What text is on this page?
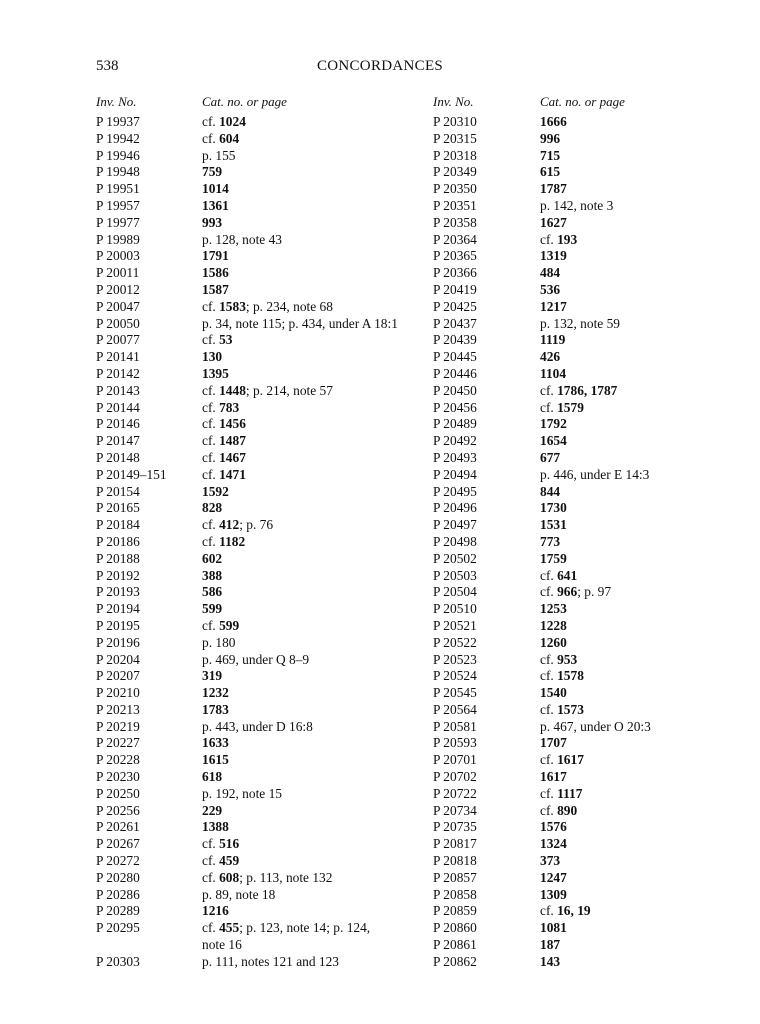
538	CONCORDANCES
Inv. No.	Cat. no. or page
P 19937	cf. 1024
P 19942	cf. 604
P 19946	p. 155
P 19948	759
P 19951	1014
P 19957	1361
P 19977	993
P 19989	p. 128, note 43
P 20003	1791
P 20011	1586
P 20012	1587
P 20047	cf. 1583; p. 234, note 68
P 20050	p. 34, note 115; p. 434, under A 18:1
P 20077	cf. 53
P 20141	130
P 20142	1395
P 20143	cf. 1448; p. 214, note 57
P 20144	cf. 783
P 20146	cf. 1456
P 20147	cf. 1487
P 20148	cf. 1467
P 20149–151	cf. 1471
P 20154	1592
P 20165	828
P 20184	cf. 412; p. 76
P 20186	cf. 1182
P 20188	602
P 20192	388
P 20193	586
P 20194	599
P 20195	cf. 599
P 20196	p. 180
P 20204	p. 469, under Q 8–9
P 20207	319
P 20210	1232
P 20213	1783
P 20219	p. 443, under D 16:8
P 20227	1633
P 20228	1615
P 20230	618
P 20250	p. 192, note 15
P 20256	229
P 20261	1388
P 20267	cf. 516
P 20272	cf. 459
P 20280	cf. 608; p. 113, note 132
P 20286	p. 89, note 18
P 20289	1216
P 20295	cf. 455; p. 123, note 14; p. 124,
note 16
P 20303	p. 111, notes 121 and 123
Inv. No.	Cat. no. or page
P 20310	1666
P 20315	996
P 20318	715
P 20349	615
P 20350	1787
P 20351	p. 142, note 3
P 20358	1627
P 20364	cf. 193
P 20365	1319
P 20366	484
P 20419	536
P 20425	1217
P 20437	p. 132, note 59
P 20439	1119
P 20445	426
P 20446	1104
P 20450	cf. 1786, 1787
P 20456	cf. 1579
P 20489	1792
P 20492	1654
P 20493	677
P 20494	p. 446, under E 14:3
P 20495	844
P 20496	1730
P 20497	1531
P 20498	773
P 20502	1759
P 20503	cf. 641
P 20504	cf. 966; p. 97
P 20510	1253
P 20521	1228
P 20522	1260
P 20523	cf. 953
P 20524	cf. 1578
P 20545	1540
P 20564	cf. 1573
P 20581	p. 467, under O 20:3
P 20593	1707
P 20701	cf. 1617
P 20702	1617
P 20722	cf. 1117
P 20734	cf. 890
P 20735	1576
P 20817	1324
P 20818	373
P 20857	1247
P 20858	1309
P 20859	cf. 16, 19
P 20860	1081
P 20861	187
P 20862	143
